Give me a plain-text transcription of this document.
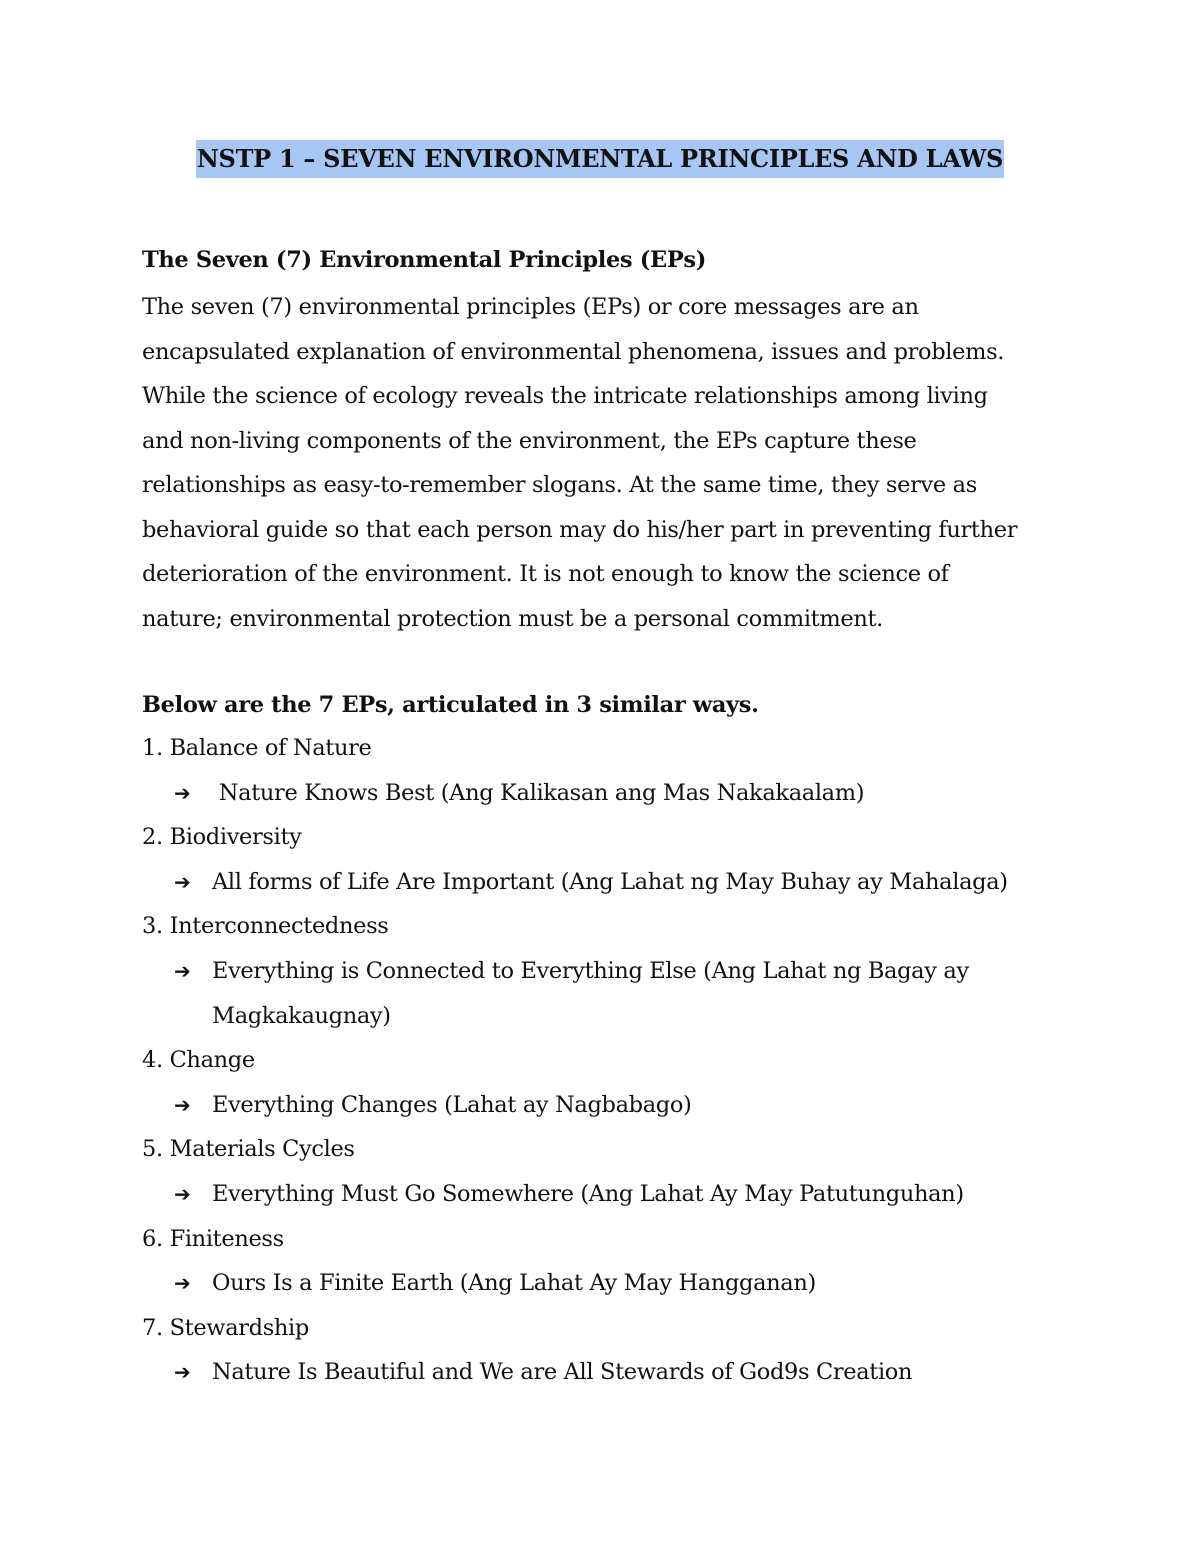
NSTP 1 – SEVEN ENVIRONMENTAL PRINCIPLES AND LAWS
The Seven (7) Environmental Principles (EPs)
The seven (7) environmental principles (EPs) or core messages are an
encapsulated explanation of environmental phenomena, issues and problems.
While the science of ecology reveals the intricate relationships among living
and non-living components of the environment, the EPs capture these
relationships as easy-to-remember slogans. At the same time, they serve as
behavioral guide so that each person may do his/her part in preventing further
deterioration of the environment. It is not enough to know the science of
nature; environmental protection must be a personal commitment.
Below are the 7 EPs, articulated in 3 similar ways.
1. Balance of Nature
➔ Nature Knows Best (Ang Kalikasan ang Mas Nakakaalam)
2. Biodiversity
➔ All forms of Life Are Important (Ang Lahat ng May Buhay ay Mahalaga)
3. Interconnectedness
➔ Everything is Connected to Everything Else (Ang Lahat ng Bagay ay
Magkakaugnay)
4. Change
➔ Everything Changes (Lahat ay Nagbabago)
5. Materials Cycles
➔ Everything Must Go Somewhere (Ang Lahat Ay May Patutunguhan)
6. Finiteness
➔ Ours Is a Finite Earth (Ang Lahat Ay May Hangganan)
7. Stewardship
➔ Nature Is Beautiful and We are All Stewards of God9s Creation
